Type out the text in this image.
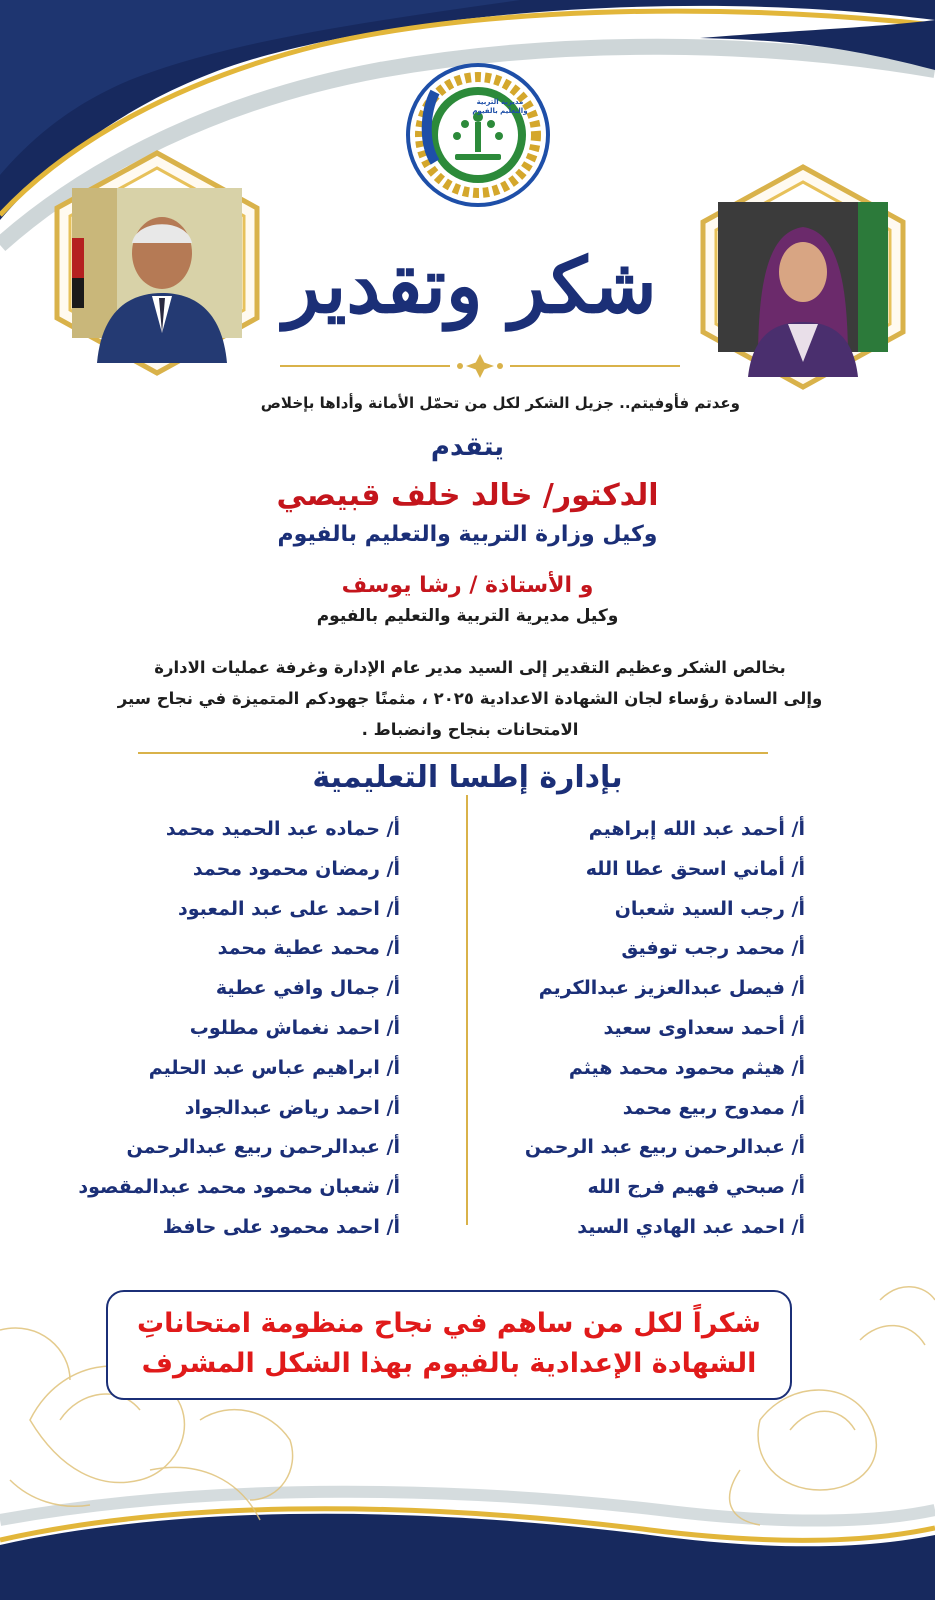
مديرية التربية والتعليم بالفيوم
شكر وتقدير
وعدتم فأوفيتم.. جزيل الشكر لكل من تحمّل الأمانة وأداها بإخلاص
يتقدم
الدكتور/ خالد خلف قبيصي
وكيل وزارة التربية والتعليم بالفيوم
و الأستاذة / رشا يوسف
وكيل مديرية التربية والتعليم بالفيوم
بخالص الشكر وعظيم التقدير إلى السيد مدير عام الإدارة وغرفة عمليات الادارة
وإلى السادة رؤساء لجان الشهادة الاعدادية ٢٠٢٥ ، مثمنًا جهودكم المتميزة في نجاح سير
الامتحانات بنجاح وانضباط .
بإدارة إطسا التعليمية
أ/ أحمد عبد الله إبراهيم
أ/ أماني اسحق عطا الله
أ/ رجب السيد شعبان
أ/ محمد رجب توفيق
أ/ فيصل عبدالعزيز عبدالكريم
أ/ أحمد سعداوى سعيد
أ/ هيثم محمود محمد هيثم
أ/ ممدوح ربيع محمد
أ/ عبدالرحمن ربيع عبد الرحمن
أ/ صبحي فهيم فرج الله
أ/ احمد عبد الهادي السيد
أ/ حماده عبد الحميد محمد
أ/ رمضان محمود محمد
أ/ احمد على عبد المعبود
أ/ محمد عطية محمد
أ/ جمال وافي عطية
أ/ احمد نغماش مطلوب
أ/ ابراهيم عباس عبد الحليم
أ/ احمد رياض عبدالجواد
أ/ عبدالرحمن ربيع عبدالرحمن
أ/ شعبان محمود محمد عبدالمقصود
أ/ احمد محمود على حافظ
شكراً لكل من ساهم في نجاح منظومة امتحاناتِ
الشهادة الإعدادية بالفيوم بهذا الشكل المشرف
